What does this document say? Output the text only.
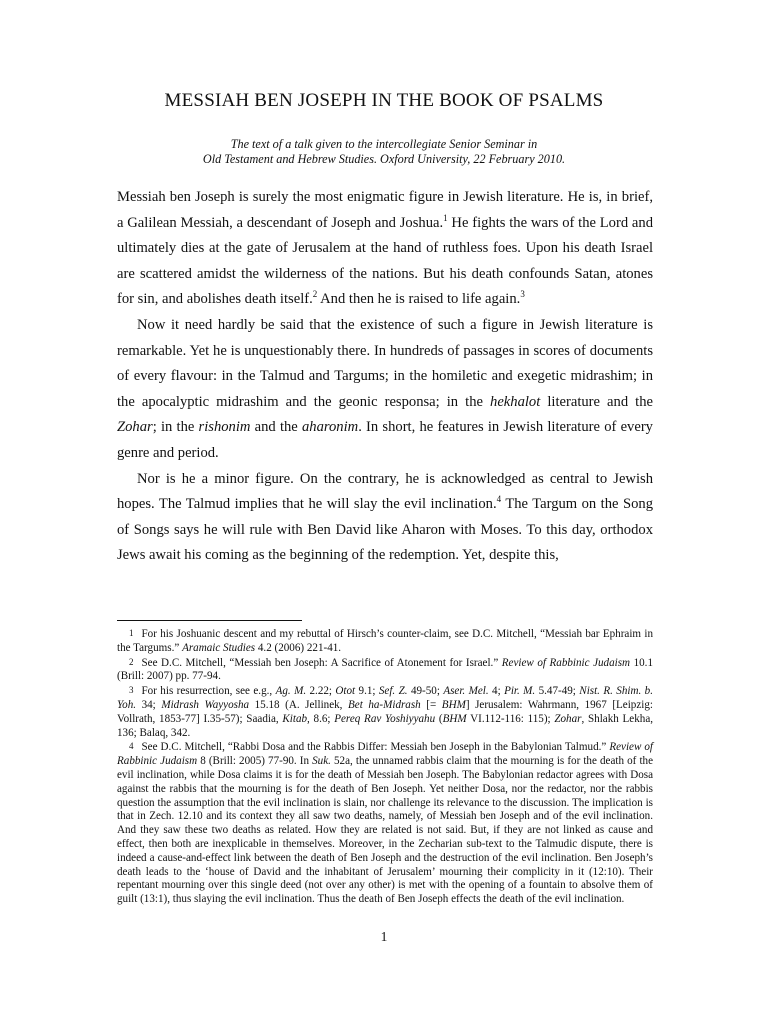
MESSIAH BEN JOSEPH IN THE BOOK OF PSALMS
The text of a talk given to the intercollegiate Senior Seminar in
Old Testament and Hebrew Studies. Oxford University, 22 February 2010.

Messiah ben Joseph is surely the most enigmatic figure in Jewish literature. He is, in brief, a Galilean Messiah, a descendant of Joseph and Joshua.$^1$ He fights the wars of the Lord and ultimately dies at the gate of Jerusalem at the hand of ruthless foes. Upon his death Israel are scattered amidst the wilderness of the nations. But his death confounds Satan, atones for sin, and abolishes death itself.$^2$ And then he is raised to life again.$^3$

Now it need hardly be said that the existence of such a figure in Jewish literature is remarkable. Yet he is unquestionably there. In hundreds of passages in scores of documents of every flavour: in the Talmud and Targums; in the homiletic and exegetic midrashim; in the apocalyptic midrashim and the geonic responsa; in the hekhalot literature and the Zohar; in the rishonim and the aharonim. In short, he features in Jewish literature of every genre and period.

Nor is he a minor figure. On the contrary, he is acknowledged as central to Jewish hopes. The Talmud implies that he will slay the evil inclination.$^4$ The Targum on the Song of Songs says he will rule with Ben David like Aharon with Moses. To this day, orthodox Jews await his coming as the beginning of the redemption. Yet, despite this,

1 For his Joshuanic descent and my rebuttal of Hirsch’s counter-claim, see D.C. Mitchell, “Messiah bar Ephraim in the Targums.” Aramaic Studies 4.2 (2006) 221-41.

2 See D.C. Mitchell, “Messiah ben Joseph: A Sacrifice of Atonement for Israel.” Review of Rabbinic Judaism 10.1 (Brill: 2007) pp. 77-94.

3 For his resurrection, see e.g., Ag. M. 2.22; Otot 9.1; Sef. Z. 49-50; Aser. Mel. 4; Pir. M. 5.47-49; Nist. R. Shim. b. Yoh. 34; Midrash Wayyosha 15.18 (A. Jellinek, Bet ha-Midrash [= BHM] Jerusalem: Wahrmann, 1967 [Leipzig: Vollrath, 1853-77] I.35-57); Saadia, Kitab, 8.6; Pereq Rav Yoshiyyahu (BHM VI.112-116: 115); Zohar, Shlakh Lekha, 136; Balaq, 342.

4 See D.C. Mitchell, “Rabbi Dosa and the Rabbis Differ: Messiah ben Joseph in the Babylonian Talmud.” Review of Rabbinic Judaism 8 (Brill: 2005) 77-90. In Suk. 52a, the unnamed rabbis claim that the mourning is for the death of the evil inclination, while Dosa claims it is for the death of Messiah ben Joseph. The Babylonian redactor agrees with Dosa against the rabbis that the mourning is for the death of Ben Joseph. Yet neither Dosa, nor the redactor, nor the rabbis question the assumption that the evil inclination is slain, nor challenge its relevance to the discussion. The implication is that in Zech. 12.10 and its context they all saw two deaths, namely, of Messiah ben Joseph and of the evil inclination. And they saw these two deaths as related. How they are related is not said. But, if they are not linked as cause and effect, then both are inexplicable in themselves. Moreover, in the Zecharian sub-text to the Talmudic dispute, there is indeed a cause-and-effect link between the death of Ben Joseph and the destruction of the evil inclination. Ben Joseph’s death leads to the ‘house of David and the inhabitant of Jerusalem’ mourning their complicity in it (12:10). Their repentant mourning over this single deed (not over any other) is met with the opening of a fountain to absolve them of guilt (13:1), thus slaying the evil inclination. Thus the death of Ben Joseph effects the death of the evil inclination.

1
